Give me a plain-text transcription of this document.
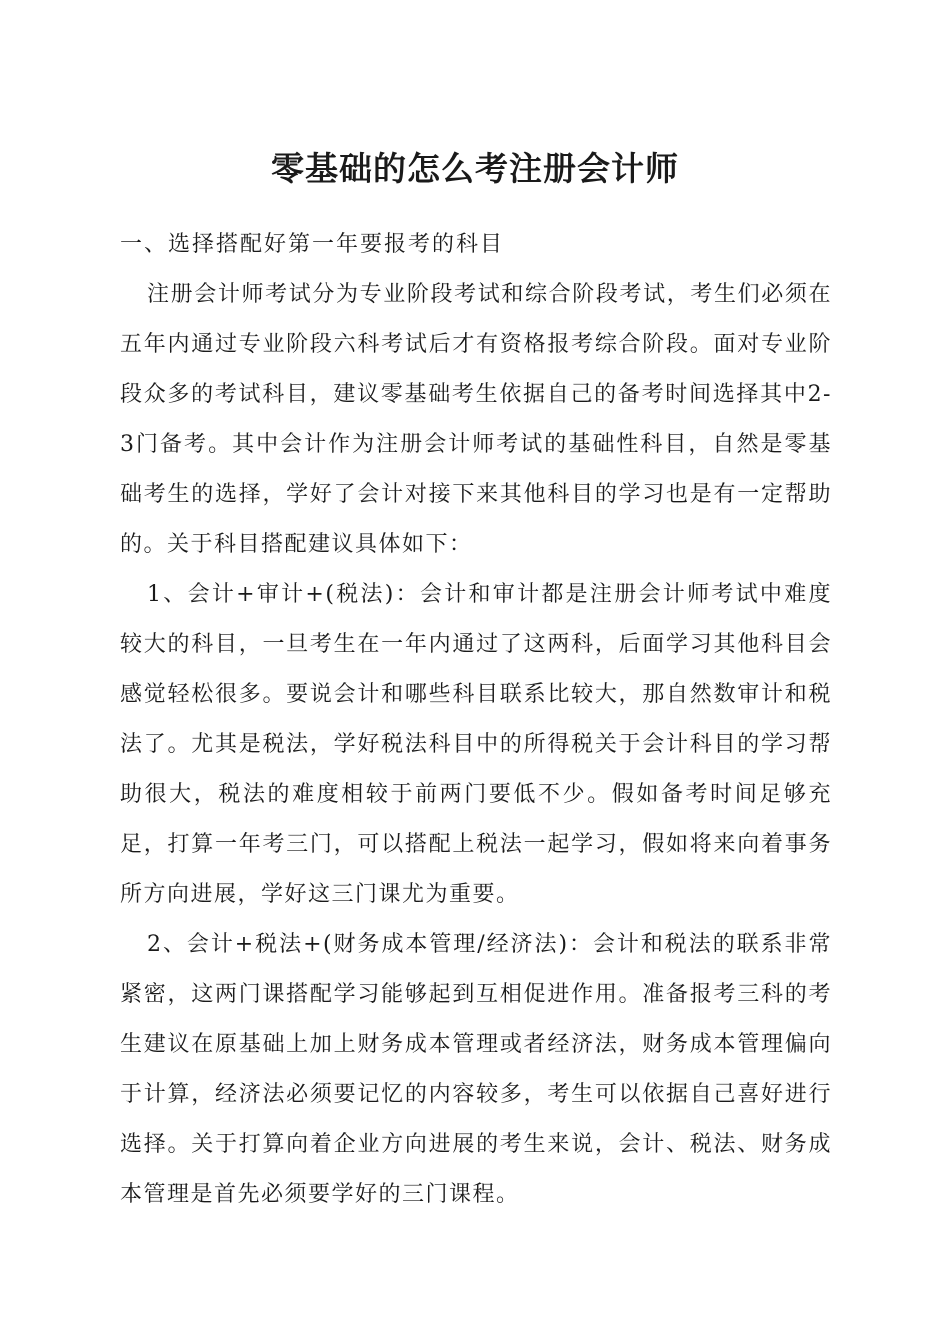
零基础的怎么考注册会计师

一、选择搭配好第一年要报考的科目

注册会计师考试分为专业阶段考试和综合阶段考试，考生们必须在五年内通过专业阶段六科考试后才有资格报考综合阶段。面对专业阶段众多的考试科目，建议零基础考生依据自己的备考时间选择其中2-3门备考。其中会计作为注册会计师考试的基础性科目，自然是零基础考生的选择，学好了会计对接下来其他科目的学习也是有一定帮助的。关于科目搭配建议具体如下：

1、会计+审计+(税法)：会计和审计都是注册会计师考试中难度较大的科目，一旦考生在一年内通过了这两科，后面学习其他科目会感觉轻松很多。要说会计和哪些科目联系比较大，那自然数审计和税法了。尤其是税法，学好税法科目中的所得税关于会计科目的学习帮助很大，税法的难度相较于前两门要低不少。假如备考时间足够充足，打算一年考三门，可以搭配上税法一起学习，假如将来向着事务所方向进展，学好这三门课尤为重要。

2、会计+税法+(财务成本管理/经济法)：会计和税法的联系非常紧密，这两门课搭配学习能够起到互相促进作用。准备报考三科的考生建议在原基础上加上财务成本管理或者经济法，财务成本管理偏向于计算，经济法必须要记忆的内容较多，考生可以依据自己喜好进行选择。关于打算向着企业方向进展的考生来说，会计、税法、财务成本管理是首先必须要学好的三门课程。
